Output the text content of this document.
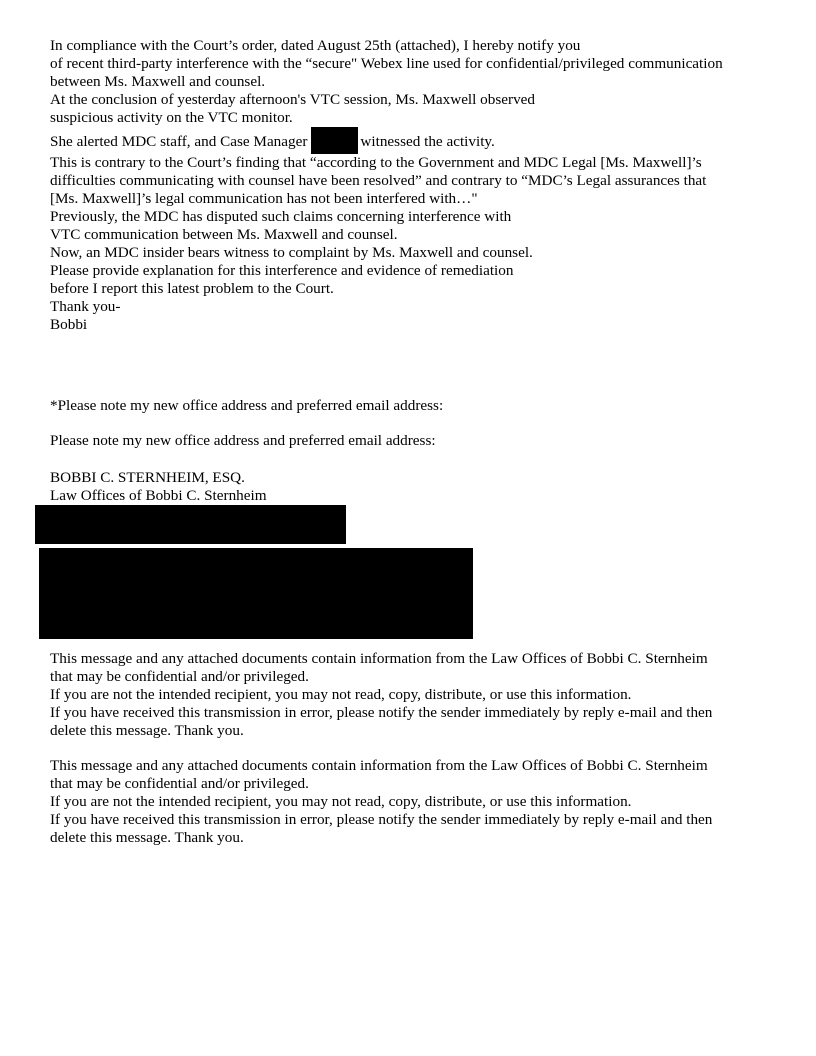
In compliance with the Court’s order, dated August 25th (attached), I hereby notify you
of recent third-party interference with the “secure" Webex line used for confidential/privileged communication
between Ms. Maxwell and counsel.
At the conclusion of yesterday afternoon's VTC session, Ms. Maxwell observed
suspicious activity on the VTC monitor.
She alerted MDC staff, and Case Manager	witnessed the activity.
This is contrary to the Court’s finding that “according to the Government and MDC Legal [Ms. Maxwell]’s
difficulties communicating with counsel have been resolved” and contrary to “MDC’s Legal assurances that
[Ms. Maxwell]’s legal communication has not been interfered with…"
Previously, the MDC has disputed such claims concerning interference with
VTC communication between Ms. Maxwell and counsel.
Now, an MDC insider bears witness to complaint by Ms. Maxwell and counsel.
Please provide explanation for this interference and evidence of remediation
before I report this latest problem to the Court.
Thank you-
Bobbi
*Please note my new office address and preferred email address:
Please note my new office address and preferred email address:
BOBBI C. STERNHEIM, ESQ.
Law Offices of Bobbi C. Sternheim
This message and any attached documents contain information from the Law Offices of Bobbi C. Sternheim
that may be confidential and/or privileged.
If you are not the intended recipient, you may not read, copy, distribute, or use this information.
If you have received this transmission in error, please notify the sender immediately by reply e-mail and then
delete this message. Thank you.
This message and any attached documents contain information from the Law Offices of Bobbi C. Sternheim
that may be confidential and/or privileged.
If you are not the intended recipient, you may not read, copy, distribute, or use this information.
If you have received this transmission in error, please notify the sender immediately by reply e-mail and then
delete this message. Thank you.
